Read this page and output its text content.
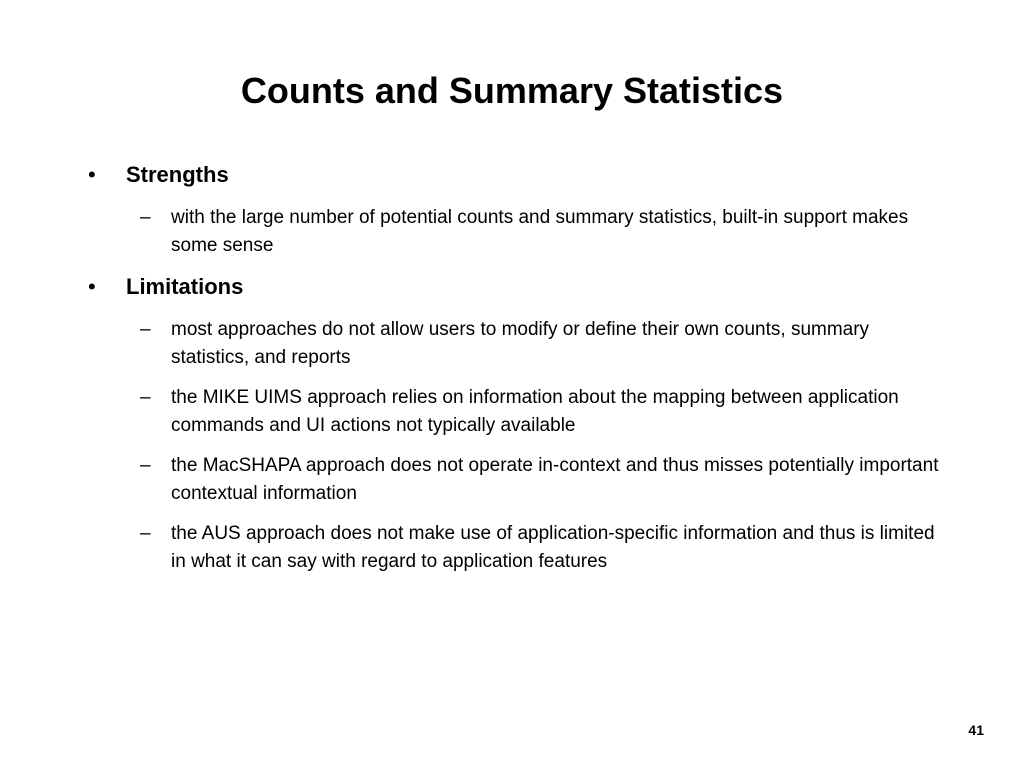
Counts and Summary Statistics
• Strengths
– with the large number of potential counts and summary statistics, built-in support makes some sense
• Limitations
– most approaches do not allow users to modify or define their own counts, summary statistics, and reports
– the MIKE UIMS approach relies on information about the mapping between application commands and UI actions not typically available
– the MacSHAPA approach does not operate in-context and thus misses potentially important contextual information
– the AUS approach does not make use of application-specific information and thus is limited in what it can say with regard to application features
41
